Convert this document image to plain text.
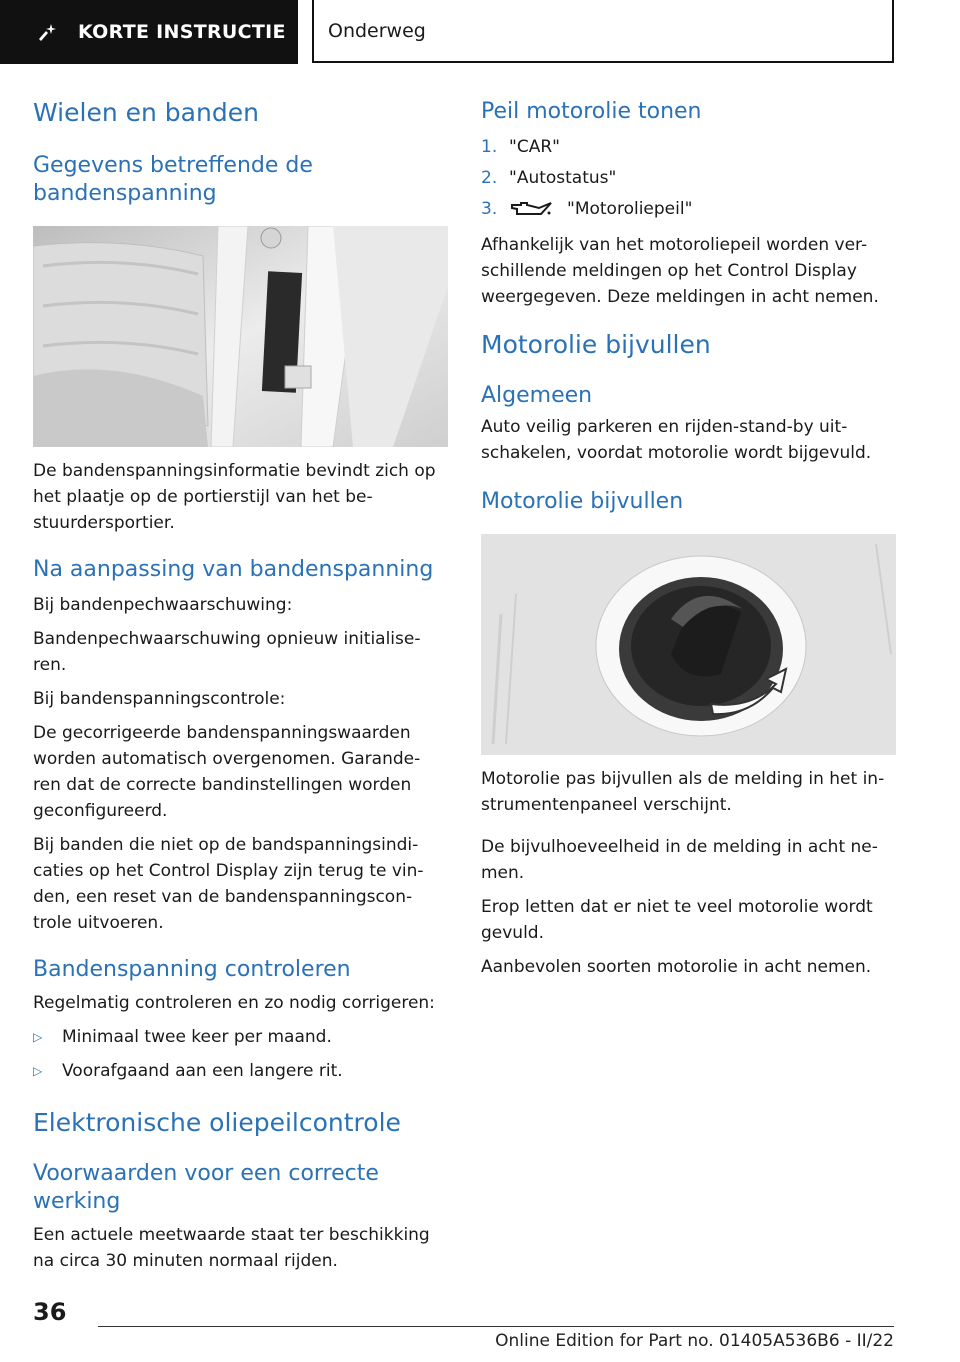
KORTE INSTRUCTIE	Onderweg
Wielen en banden
Gegevens betreffende de bandenspanning

De bandenspanningsinformatie bevindt zich op het plaatje op de portierstijl van het be-stuurdersportier.

Na aanpassing van bandenspanning

Bij bandenpechwaarschuwing:

Bandenpechwaarschuwing opnieuw initialise-ren.

Bij bandenspanningscontrole:

De gecorrigeerde bandenspanningswaarden worden automatisch overgenomen. Garande-ren dat de correcte bandinstellingen worden geconfigureerd.

Bij banden die niet op de bandspanningsindi-caties op het Control Display zijn terug te vin-den, een reset van de bandenspanningscon-trole uitvoeren.

Bandenspanning controleren

Regelmatig controleren en zo nodig corrigeren:

▷ Minimaal twee keer per maand.
▷ Voorafgaand aan een langere rit.
Elektronische oliepeilcontrole
Voorwaarden voor een correcte werking

Een actuele meetwaarde staat ter beschikking na circa 30 minuten normaal rijden.

Peil motorolie tonen
1. "CAR"
2. "Autostatus"
3.	"Motoroliepeil"

Afhankelijk van het motoroliepeil worden ver-schillende meldingen op het Control Display weergegeven. Deze meldingen in acht nemen.

Motorolie bijvullen
Algemeen

Auto veilig parkeren en rijden-stand-by uit-schakelen, voordat motorolie wordt bijgevuld.

Motorolie bijvullen

Motorolie pas bijvullen als de melding in het in-strumentenpaneel verschijnt.

De bijvulhoeveelheid in de melding in acht ne-men.

Erop letten dat er niet te veel motorolie wordt gevuld.

Aanbevolen soorten motorolie in acht nemen.

36
Online Edition for Part no. 01405A536B6 - II/22
